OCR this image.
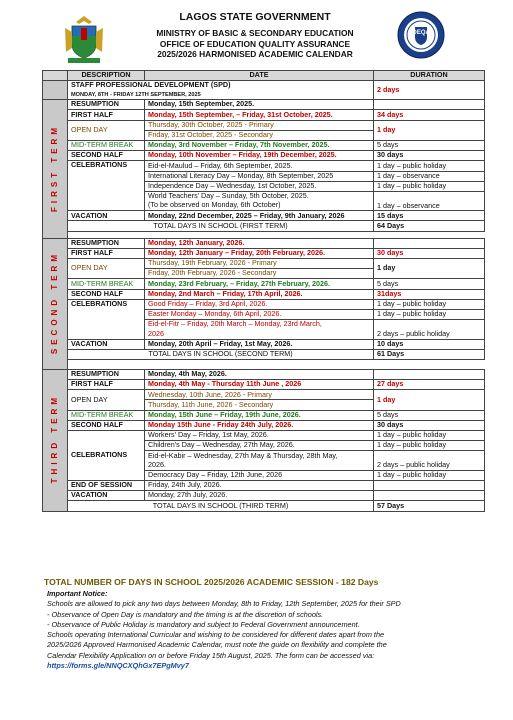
LAGOS STATE GOVERNMENT
MINISTRY OF BASIC & SECONDARY EDUCATION
OFFICE OF EDUCATION QUALITY ASSURANCE
2025/2026 HARMONISED ACADEMIC CALENDAR
OEQA
	DESCRIPTION	DATE	DURATION
	STAFF PROFESSIONAL DEVELOPMENT (SPD)
MONDAY, 8TH - FRIDAY 12TH SEPTEMBER, 2025		2 days
FIRST TERM	RESUMPTION	Monday, 15th September, 2025.	
	FIRST HALF	Monday, 15th September, – Friday, 31st October, 2025.	34 days
	OPEN DAY	Thursday, 30th October, 2025 - Primary	1 day
		Friday, 31st October, 2025 - Secondary	
	MID-TERM BREAK	Monday, 3rd November – Friday, 7th November, 2025.	5 days
	SECOND HALF	Monday, 10th November – Friday, 19th December, 2025.	30 days
	CELEBRATIONS	Eid-el-Maulud – Friday, 6th September, 2025.	1 day – public holiday
		International Literacy Day – Monday, 8th September, 2025	1 day – observance
		Independence Day – Wednesday, 1st October, 2025.	1 day – public holiday
		World Teachers' Day – Sunday, 5th October, 2025.	1 day – observance
		(To be observed on Monday, 6th October)	
	VACATION	Monday, 22nd December, 2025 – Friday, 9th January, 2026	15 days
	TOTAL DAYS IN SCHOOL (FIRST TERM)		64 Days

SECOND TERM	RESUMPTION	Monday, 12th January, 2026.	
	FIRST HALF	Monday, 12th January – Friday, 20th February, 2026.	30 days
	OPEN DAY	Thursday, 19th February, 2026 - Primary	1 day
		Friday, 20th February, 2026 - Secondary	
	MID-TERM BREAK	Monday, 23rd February, – Friday, 27th February, 2026.	5 days
	SECOND HALF	Monday, 2nd March – Friday, 17th April, 2026.	31days
	CELEBRATIONS	Good Friday – Friday, 3rd April, 2026.	1 day – public holiday
		Easter Monday – Monday, 6th April, 2026.	1 day – public holiday
		Eid-el-Fitr – Friday, 20th March – Monday, 23rd March,	2 days – public holiday
		2026	
	VACATION	Monday, 20th April – Friday, 1st May, 2026.	10 days
	TOTAL DAYS IN SCHOOL (SECOND TERM)		61 Days

THIRD TERM	RESUMPTION	Monday, 4th May, 2026.	
	FIRST HALF	Monday, 4th May - Thursday 11th June , 2026	27 days
	OPEN DAY	Wednesday, 10th June, 2026 - Primary	1 day
		Thursday, 11th June, 2026 - Secondary	
	MID-TERM BREAK	Monday, 15th June – Friday, 19th June, 2026.	5 days
	SECOND HALF	Monday 15th June - Friday 24th July, 2026.	30 days
	CELEBRATIONS	Workers' Day – Friday, 1st May, 2026.	1 day – public holiday
		Children's Day – Wednesday, 27th May, 2026.	1 day – public holiday
		Eid-el-Kabir – Wednesday, 27th May & Thursday, 28th May,	2 days – public holiday
		2026.	
		Democracy Day – Friday, 12th June, 2026	1 day – public holiday
	END OF SESSION	Friday, 24th July, 2026.	
	VACATION	Monday, 27th July, 2026.	
	TOTAL DAYS IN SCHOOL (THIRD TERM)		57 Days
TOTAL NUMBER OF DAYS IN SCHOOL 2025/2026 ACADEMIC SESSION - 182 Days
Important Notice:
Schools are allowed to pick any two days between Monday, 8th to Friday, 12th September, 2025 for their SPD
- Observance of Open Day is mandatory and the timing is at the discretion of schools.
- Observance of Public Holiday is mandatory and subject to Federal Government announcement.
Schools operating International Curricular and wishing to be considered for different dates apart from the
2025/2026 Approved Harmonised Academic Calendar, must note the guide on flexibility and complete the
Calendar Flexibility Application on or before Friday 15th August, 2025. The form can be accessed via:
https://forms.gle/NNQCXQhGx7EPgMvy7
